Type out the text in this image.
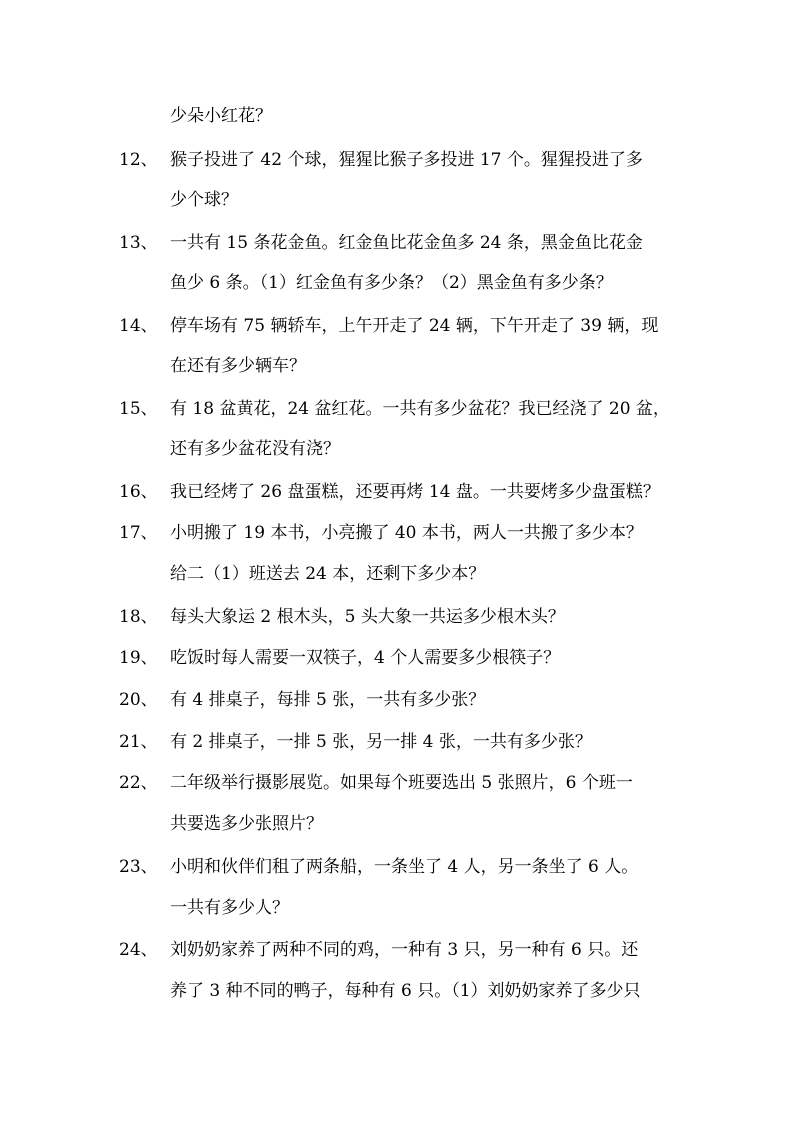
少朵小红花？
12、 猴子投进了 42 个球，猩猩比猴子多投进 17 个。猩猩投进了多
少个球？
13、 一共有 15 条花金鱼。红金鱼比花金鱼多 24 条，黑金鱼比花金
鱼少 6 条。（1）红金鱼有多少条？（2）黑金鱼有多少条？
14、 停车场有 75 辆轿车，上午开走了 24 辆，下午开走了 39 辆，现
在还有多少辆车？
15、 有 18 盆黄花，24 盆红花。一共有多少盆花？我已经浇了 20 盆，
还有多少盆花没有浇？
16、 我已经烤了 26 盘蛋糕，还要再烤 14 盘。一共要烤多少盘蛋糕？
17、 小明搬了 19 本书，小亮搬了 40 本书，两人一共搬了多少本？
给二（1）班送去 24 本，还剩下多少本？
18、 每头大象运 2 根木头，5 头大象一共运多少根木头？
19、 吃饭时每人需要一双筷子，4 个人需要多少根筷子？
20、 有 4 排桌子，每排 5 张，一共有多少张？
21、 有 2 排桌子，一排 5 张，另一排 4 张，一共有多少张？
22、 二年级举行摄影展览。如果每个班要选出 5 张照片，6 个班一
共要选多少张照片？
23、 小明和伙伴们租了两条船，一条坐了 4 人，另一条坐了 6 人。
一共有多少人？
24、 刘奶奶家养了两种不同的鸡，一种有 3 只，另一种有 6 只。还
养了 3 种不同的鸭子，每种有 6 只。（1）刘奶奶家养了多少只
